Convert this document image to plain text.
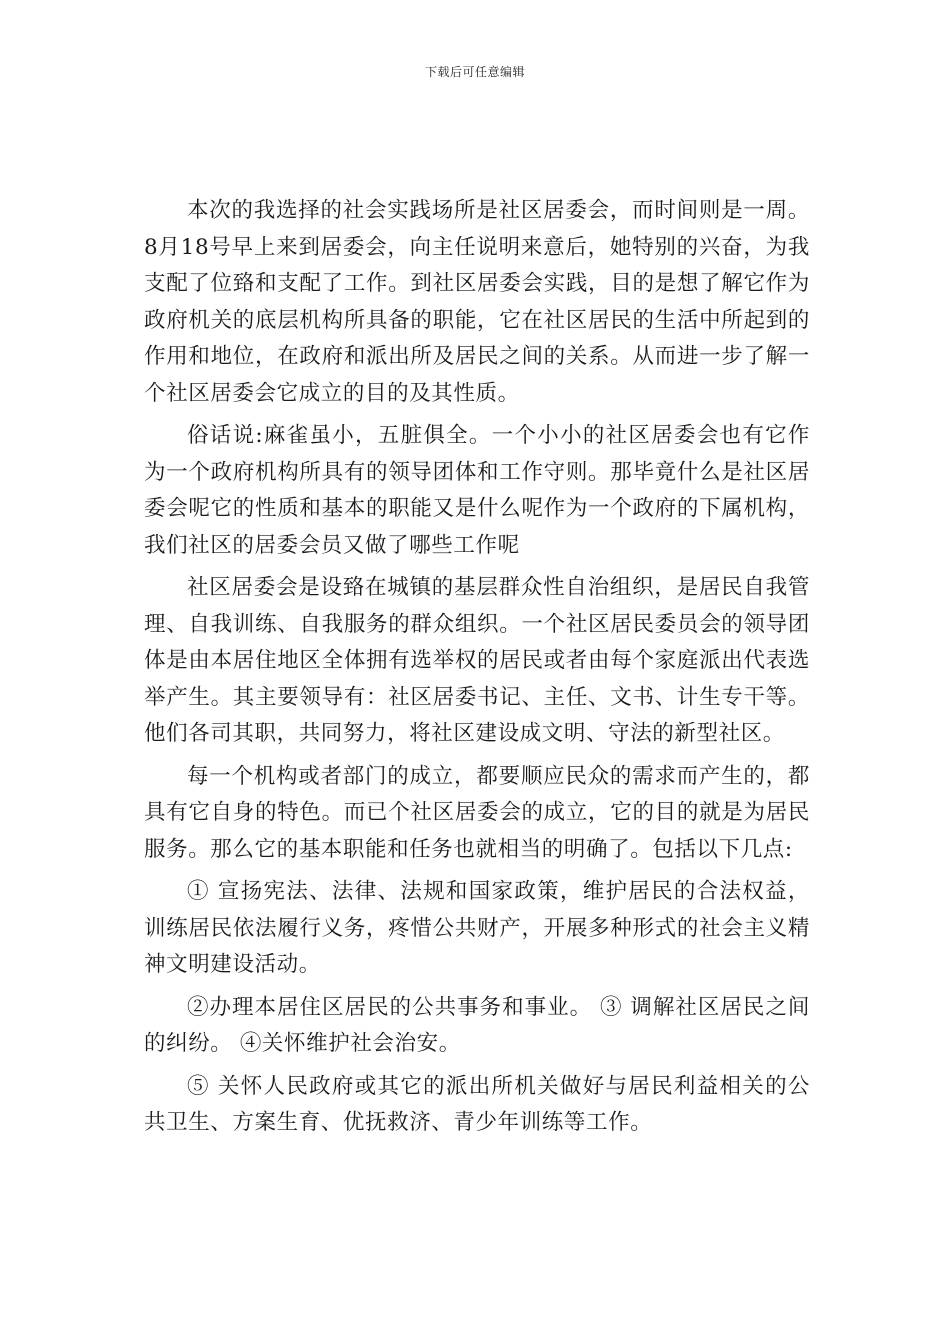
下载后可任意编辑

本次的我选择的社会实践场所是社区居委会，而时间则是一周。8月18号早上来到居委会，向主任说明来意后，她特别的兴奋，为我支配了位臵和支配了工作。到社区居委会实践，目的是想了解它作为政府机关的底层机构所具备的职能，它在社区居民的生活中所起到的作用和地位，在政府和派出所及居民之间的关系。从而进一步了解一个社区居委会它成立的目的及其性质。

俗话说:麻雀虽小，五脏俱全。一个小小的社区居委会也有它作为一个政府机构所具有的领导团体和工作守则。那毕竟什么是社区居委会呢它的性质和基本的职能又是什么呢作为一个政府的下属机构，我们社区的居委会员又做了哪些工作呢

社区居委会是设臵在城镇的基层群众性自治组织，是居民自我管理、自我训练、自我服务的群众组织。一个社区居民委员会的领导团体是由本居住地区全体拥有选举权的居民或者由每个家庭派出代表选举产生。其主要领导有：社区居委书记、主任、文书、计生专干等。他们各司其职，共同努力，将社区建设成文明、守法的新型社区。

每一个机构或者部门的成立，都要顺应民众的需求而产生的，都具有它自身的特色。而已个社区居委会的成立，它的目的就是为居民服务。那么它的基本职能和任务也就相当的明确了。包括以下几点:

① 宣扬宪法、法律、法规和国家政策，维护居民的合法权益，训练居民依法履行义务，疼惜公共财产，开展多种形式的社会主义精神文明建设活动。

②办理本居住区居民的公共事务和事业。 ③ 调解社区居民之间的纠纷。 ④关怀维护社会治安。

⑤ 关怀人民政府或其它的派出所机关做好与居民利益相关的公共卫生、方案生育、优抚救济、青少年训练等工作。
